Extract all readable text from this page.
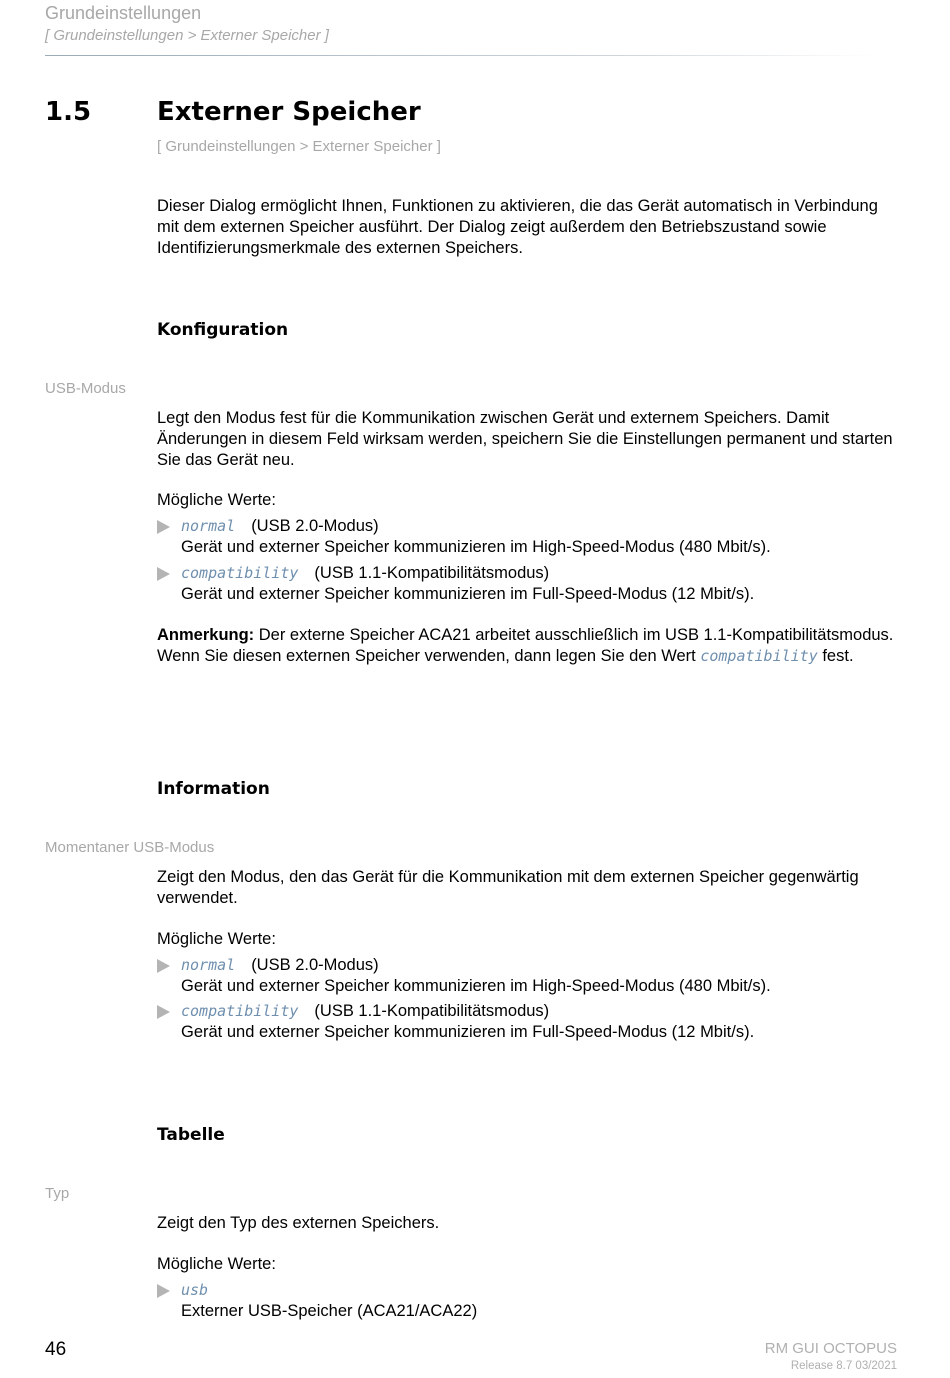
Grundeinstellungen
[ Grundeinstellungen > Externer Speicher ]
1.5	Externer Speicher
[ Grundeinstellungen > Externer Speicher ]
Dieser Dialog ermöglicht Ihnen, Funktionen zu aktivieren, die das Gerät automatisch in Verbindung mit dem externen Speicher ausführt. Der Dialog zeigt außerdem den Betriebszustand sowie Identifizierungsmerkmale des externen Speichers.
Konfiguration
USB-Modus
Legt den Modus fest für die Kommunikation zwischen Gerät und externem Speichers. Damit Änderungen in diesem Feld wirksam werden, speichern Sie die Einstellungen permanent und starten Sie das Gerät neu.
Mögliche Werte:
normal (USB 2.0-Modus)
Gerät und externer Speicher kommunizieren im High-Speed-Modus (480 Mbit/s).
compatibility (USB 1.1-Kompatibilitätsmodus)
Gerät und externer Speicher kommunizieren im Full-Speed-Modus (12 Mbit/s).
Anmerkung: Der externe Speicher ACA21 arbeitet ausschließlich im USB 1.1-Kompatibilitätsmodus. Wenn Sie diesen externen Speicher verwenden, dann legen Sie den Wert compatibility fest.
Information
Momentaner USB-Modus
Zeigt den Modus, den das Gerät für die Kommunikation mit dem externen Speicher gegenwärtig verwendet.
Mögliche Werte:
normal (USB 2.0-Modus)
Gerät und externer Speicher kommunizieren im High-Speed-Modus (480 Mbit/s).
compatibility (USB 1.1-Kompatibilitätsmodus)
Gerät und externer Speicher kommunizieren im Full-Speed-Modus (12 Mbit/s).
Tabelle
Typ
Zeigt den Typ des externen Speichers.
Mögliche Werte:
usb
Externer USB-Speicher (ACA21/ACA22)
46	RM GUI OCTOPUS
Release 8.7 03/2021
